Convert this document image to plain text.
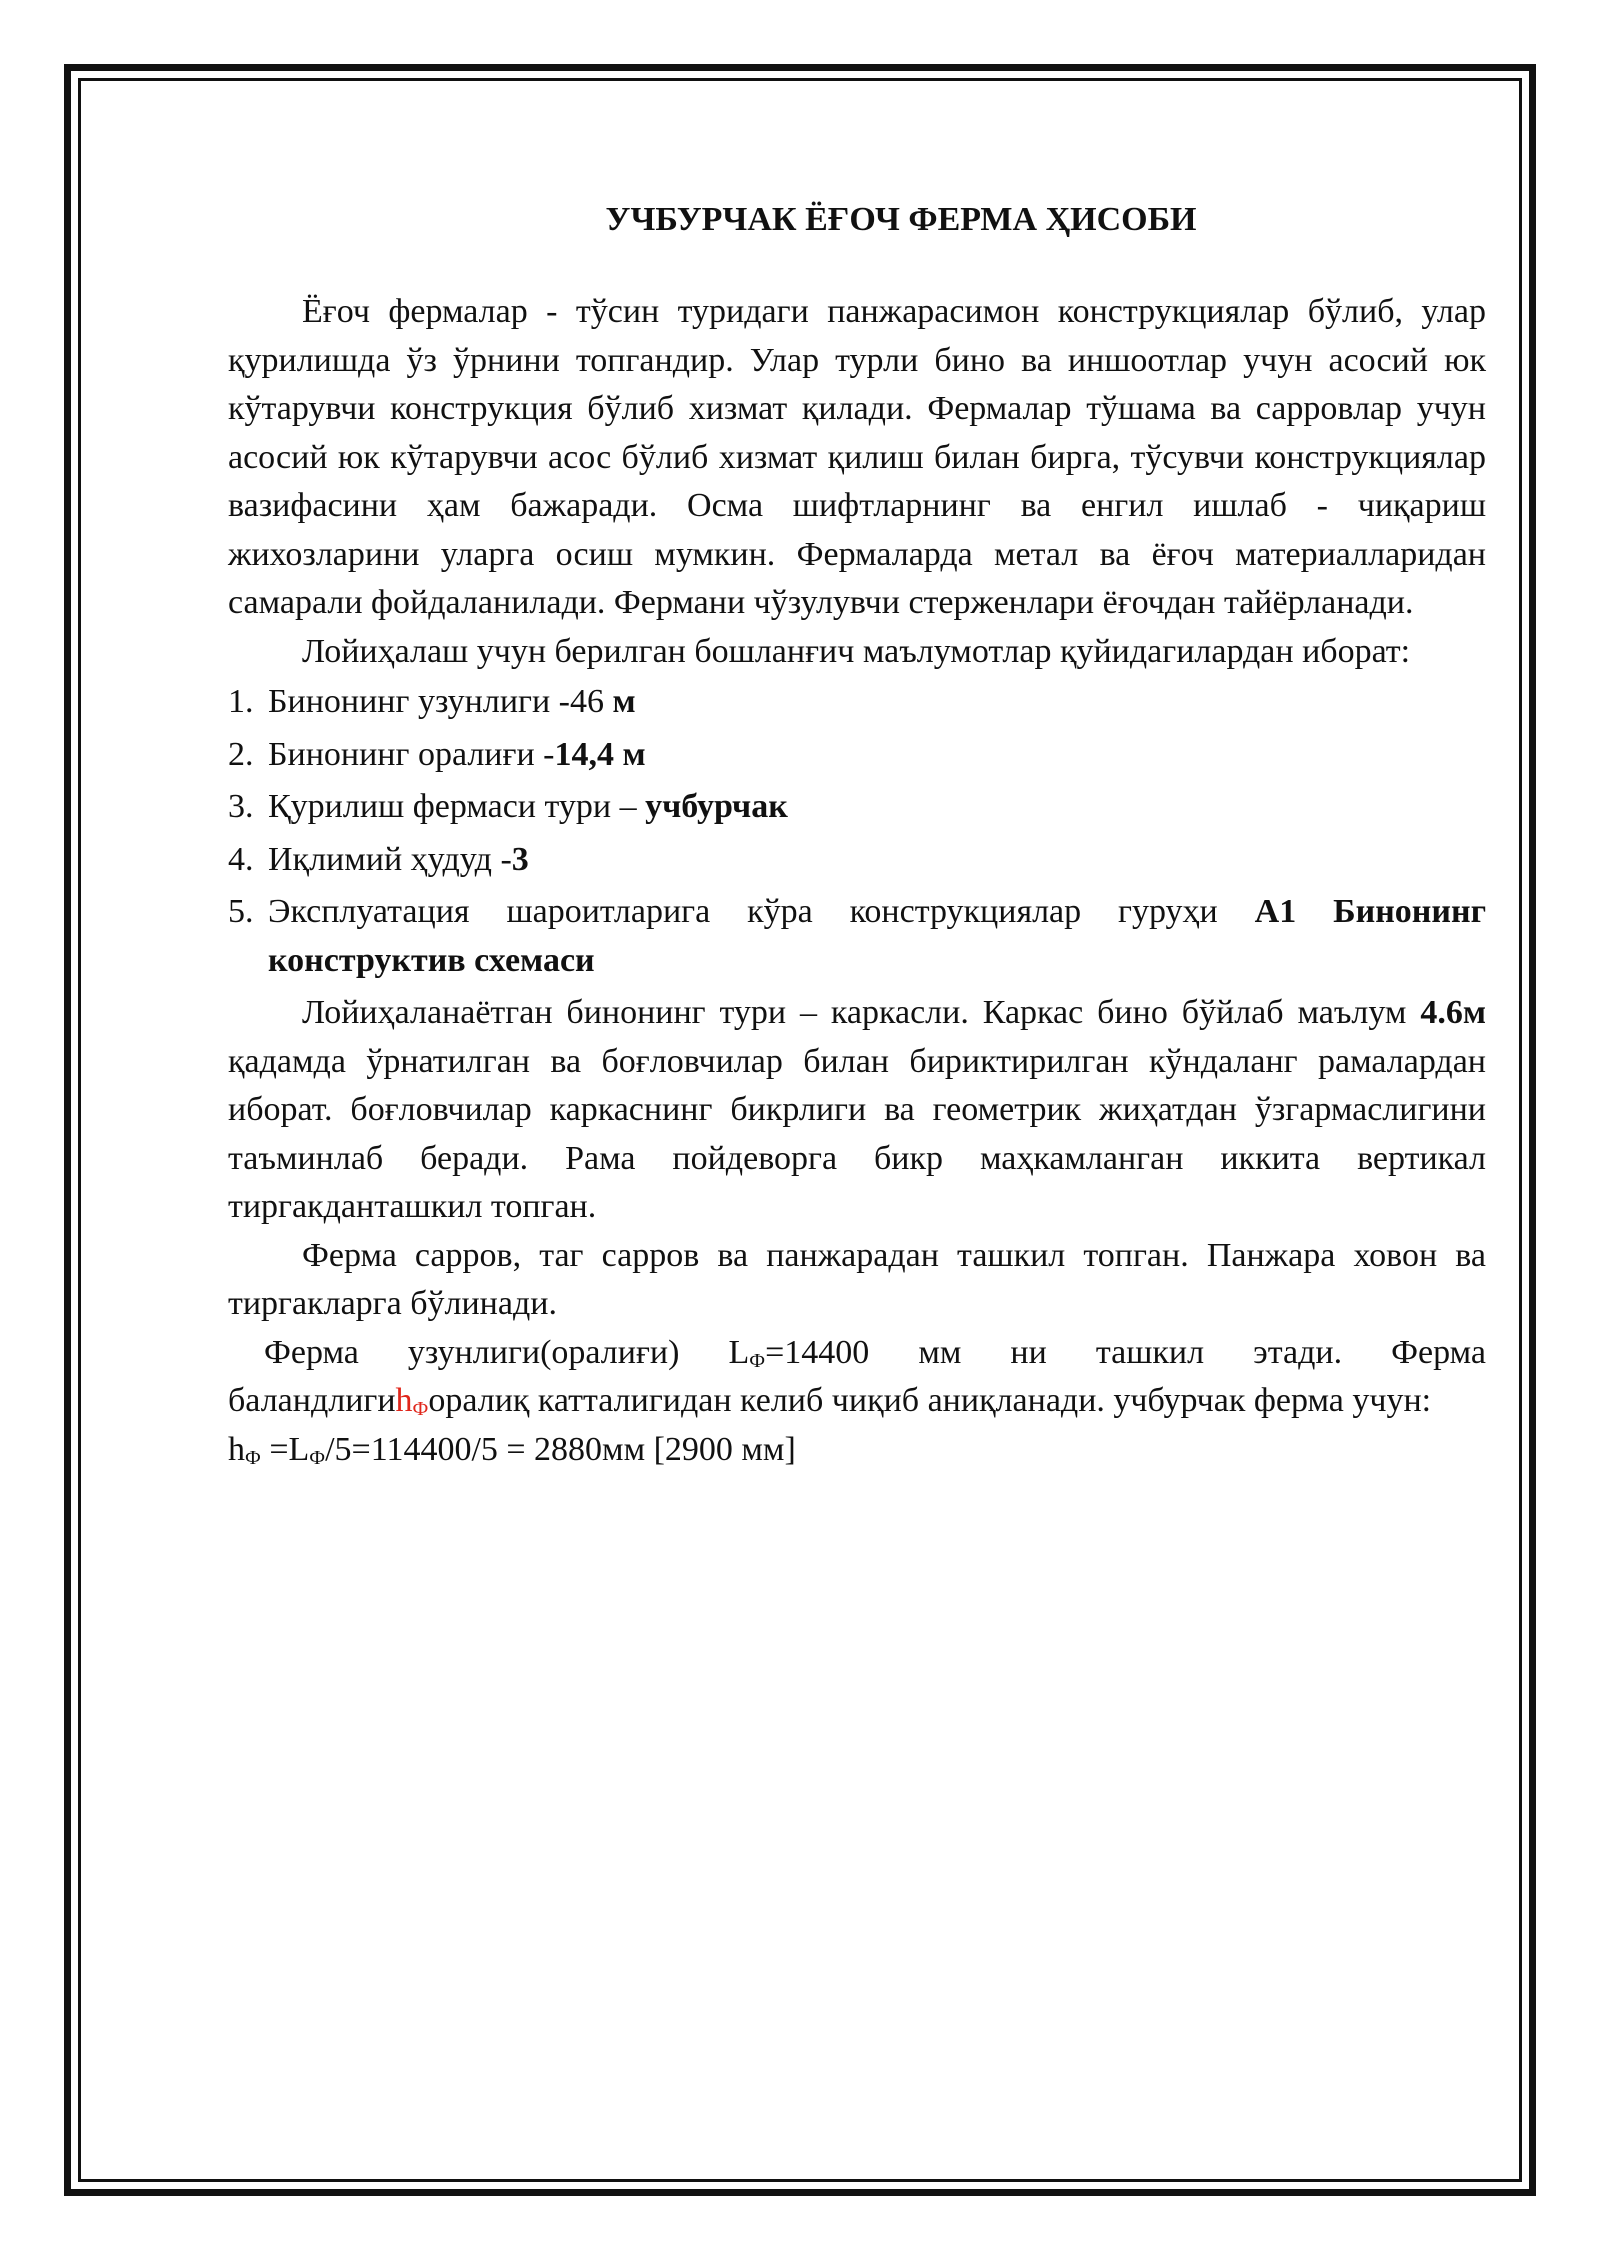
УЧБУРЧАК ЁҒОЧ ФЕРМА ҲИСОБИ

Ёғоч фермалар - тўсин туридаги панжарасимон конструкциялар бўлиб, улар қурилишда ўз ўрнини топгандир. Улар турли бино ва иншоотлар учун асосий юк кўтарувчи конструкция бўлиб хизмат қилади. Фермалар тўшама ва сарровлар учун асосий юк кўтарувчи асос бўлиб хизмат қилиш билан бирга, тўсувчи конструкциялар вазифасини ҳам бажаради. Осма шифтларнинг ва енгил ишлаб - чиқариш жихозларини уларга осиш мумкин. Фермаларда метал ва ёғоч материалларидан самарали фойдаланилади. Фермани чўзулувчи стерженлари ёғочдан тайёрланади.

Лойиҳалаш учун берилган бошланғич маълумотлар қуйидагилардан иборат:

1. Бинонинг узунлиги -46 м
2. Бинонинг оралиғи -14,4 м
3. Қурилиш фермаси тури – учбурчак
4. Иқлимий ҳудуд -3
5. Эксплуатация шароитларига кўра конструкциялар гуруҳи А1 Бинонинг конструктив схемаси

Лойиҳаланаётган бинонинг тури – каркасли. Каркас бино бўйлаб маълум 4.6м қадамда ўрнатилган ва боғловчилар билан бириктирилган кўндаланг рамалардан иборат. боғловчилар каркаснинг бикрлиги ва геометрик жиҳатдан ўзгармаслигини таъминлаб беради. Рама пойдеворга бикр маҳкамланган иккита вертикал тиргакданташкил топган.

Ферма сарров, таг сарров ва панжарадан ташкил топган. Панжара ховон ва тиргакларга бўлинади.

Ферма узунлиги(оралиғи) $L_Ф=14400$ мм ни ташкил этади. Ферма баландлигиh$_Ф$оралиқ катталигидан келиб чиқиб аниқланади. учбурчак ферма учун:

$h_Ф =L_Ф/5=114400/5 = 2880мм$ [2900 мм]
